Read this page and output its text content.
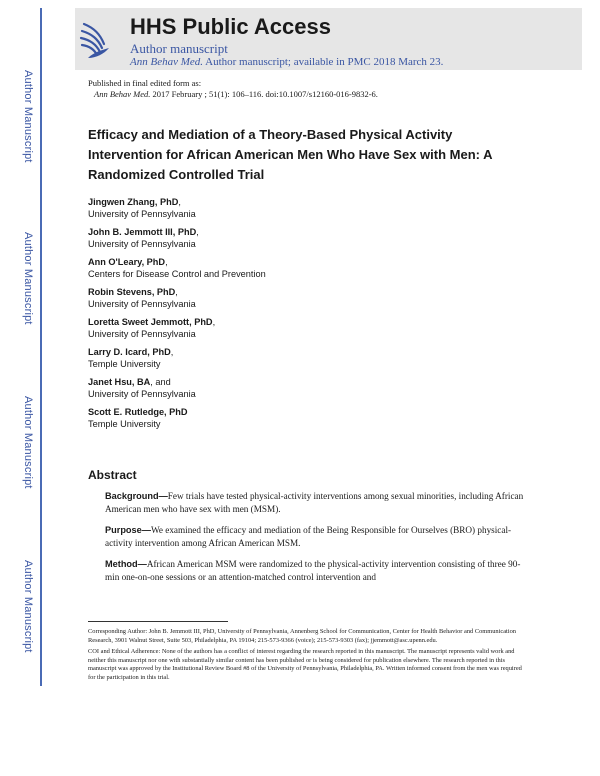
HHS Public Access
Author manuscript
Ann Behav Med. Author manuscript; available in PMC 2018 March 23.
Author Manuscript
Author Manuscript
Author Manuscript
Author Manuscript
Published in final edited form as:
Ann Behav Med. 2017 February ; 51(1): 106–116. doi:10.1007/s12160-016-9832-6.
Efficacy and Mediation of a Theory-Based Physical Activity Intervention for African American Men Who Have Sex with Men: A Randomized Controlled Trial
Jingwen Zhang, PhD,
University of Pennsylvania
John B. Jemmott III, PhD,
University of Pennsylvania
Ann O'Leary, PhD,
Centers for Disease Control and Prevention
Robin Stevens, PhD,
University of Pennsylvania
Loretta Sweet Jemmott, PhD,
University of Pennsylvania
Larry D. Icard, PhD,
Temple University
Janet Hsu, BA, and
University of Pennsylvania
Scott E. Rutledge, PhD
Temple University
Abstract
Background—Few trials have tested physical-activity interventions among sexual minorities, including African American men who have sex with men (MSM).
Purpose—We examined the efficacy and mediation of the Being Responsible for Ourselves (BRO) physical-activity intervention among African American MSM.
Method—African American MSM were randomized to the physical-activity intervention consisting of three 90-min one-on-one sessions or an attention-matched control intervention and

Corresponding Author: John B. Jemmott III, PhD, University of Pennsylvania, Annenberg School for Communication, Center for Health Behavior and Communication Research, 3901 Walnut Street, Suite 503, Philadelphia, PA 19104; 215-573-9366 (voice); 215-573-9303 (fax); jjemmott@asc.upenn.edu.

COI and Ethical Adherence: None of the authors has a conflict of interest regarding the research reported in this manuscript. The manuscript represents valid work and neither this manuscript nor one with substantially similar content has been published or is being considered for publication elsewhere. The research reported in this manuscript was approved by the Institutional Review Board #8 of the University of Pennsylvania, Philadelphia, PA. Written informed consent from the men was required for the participation in this trial.
